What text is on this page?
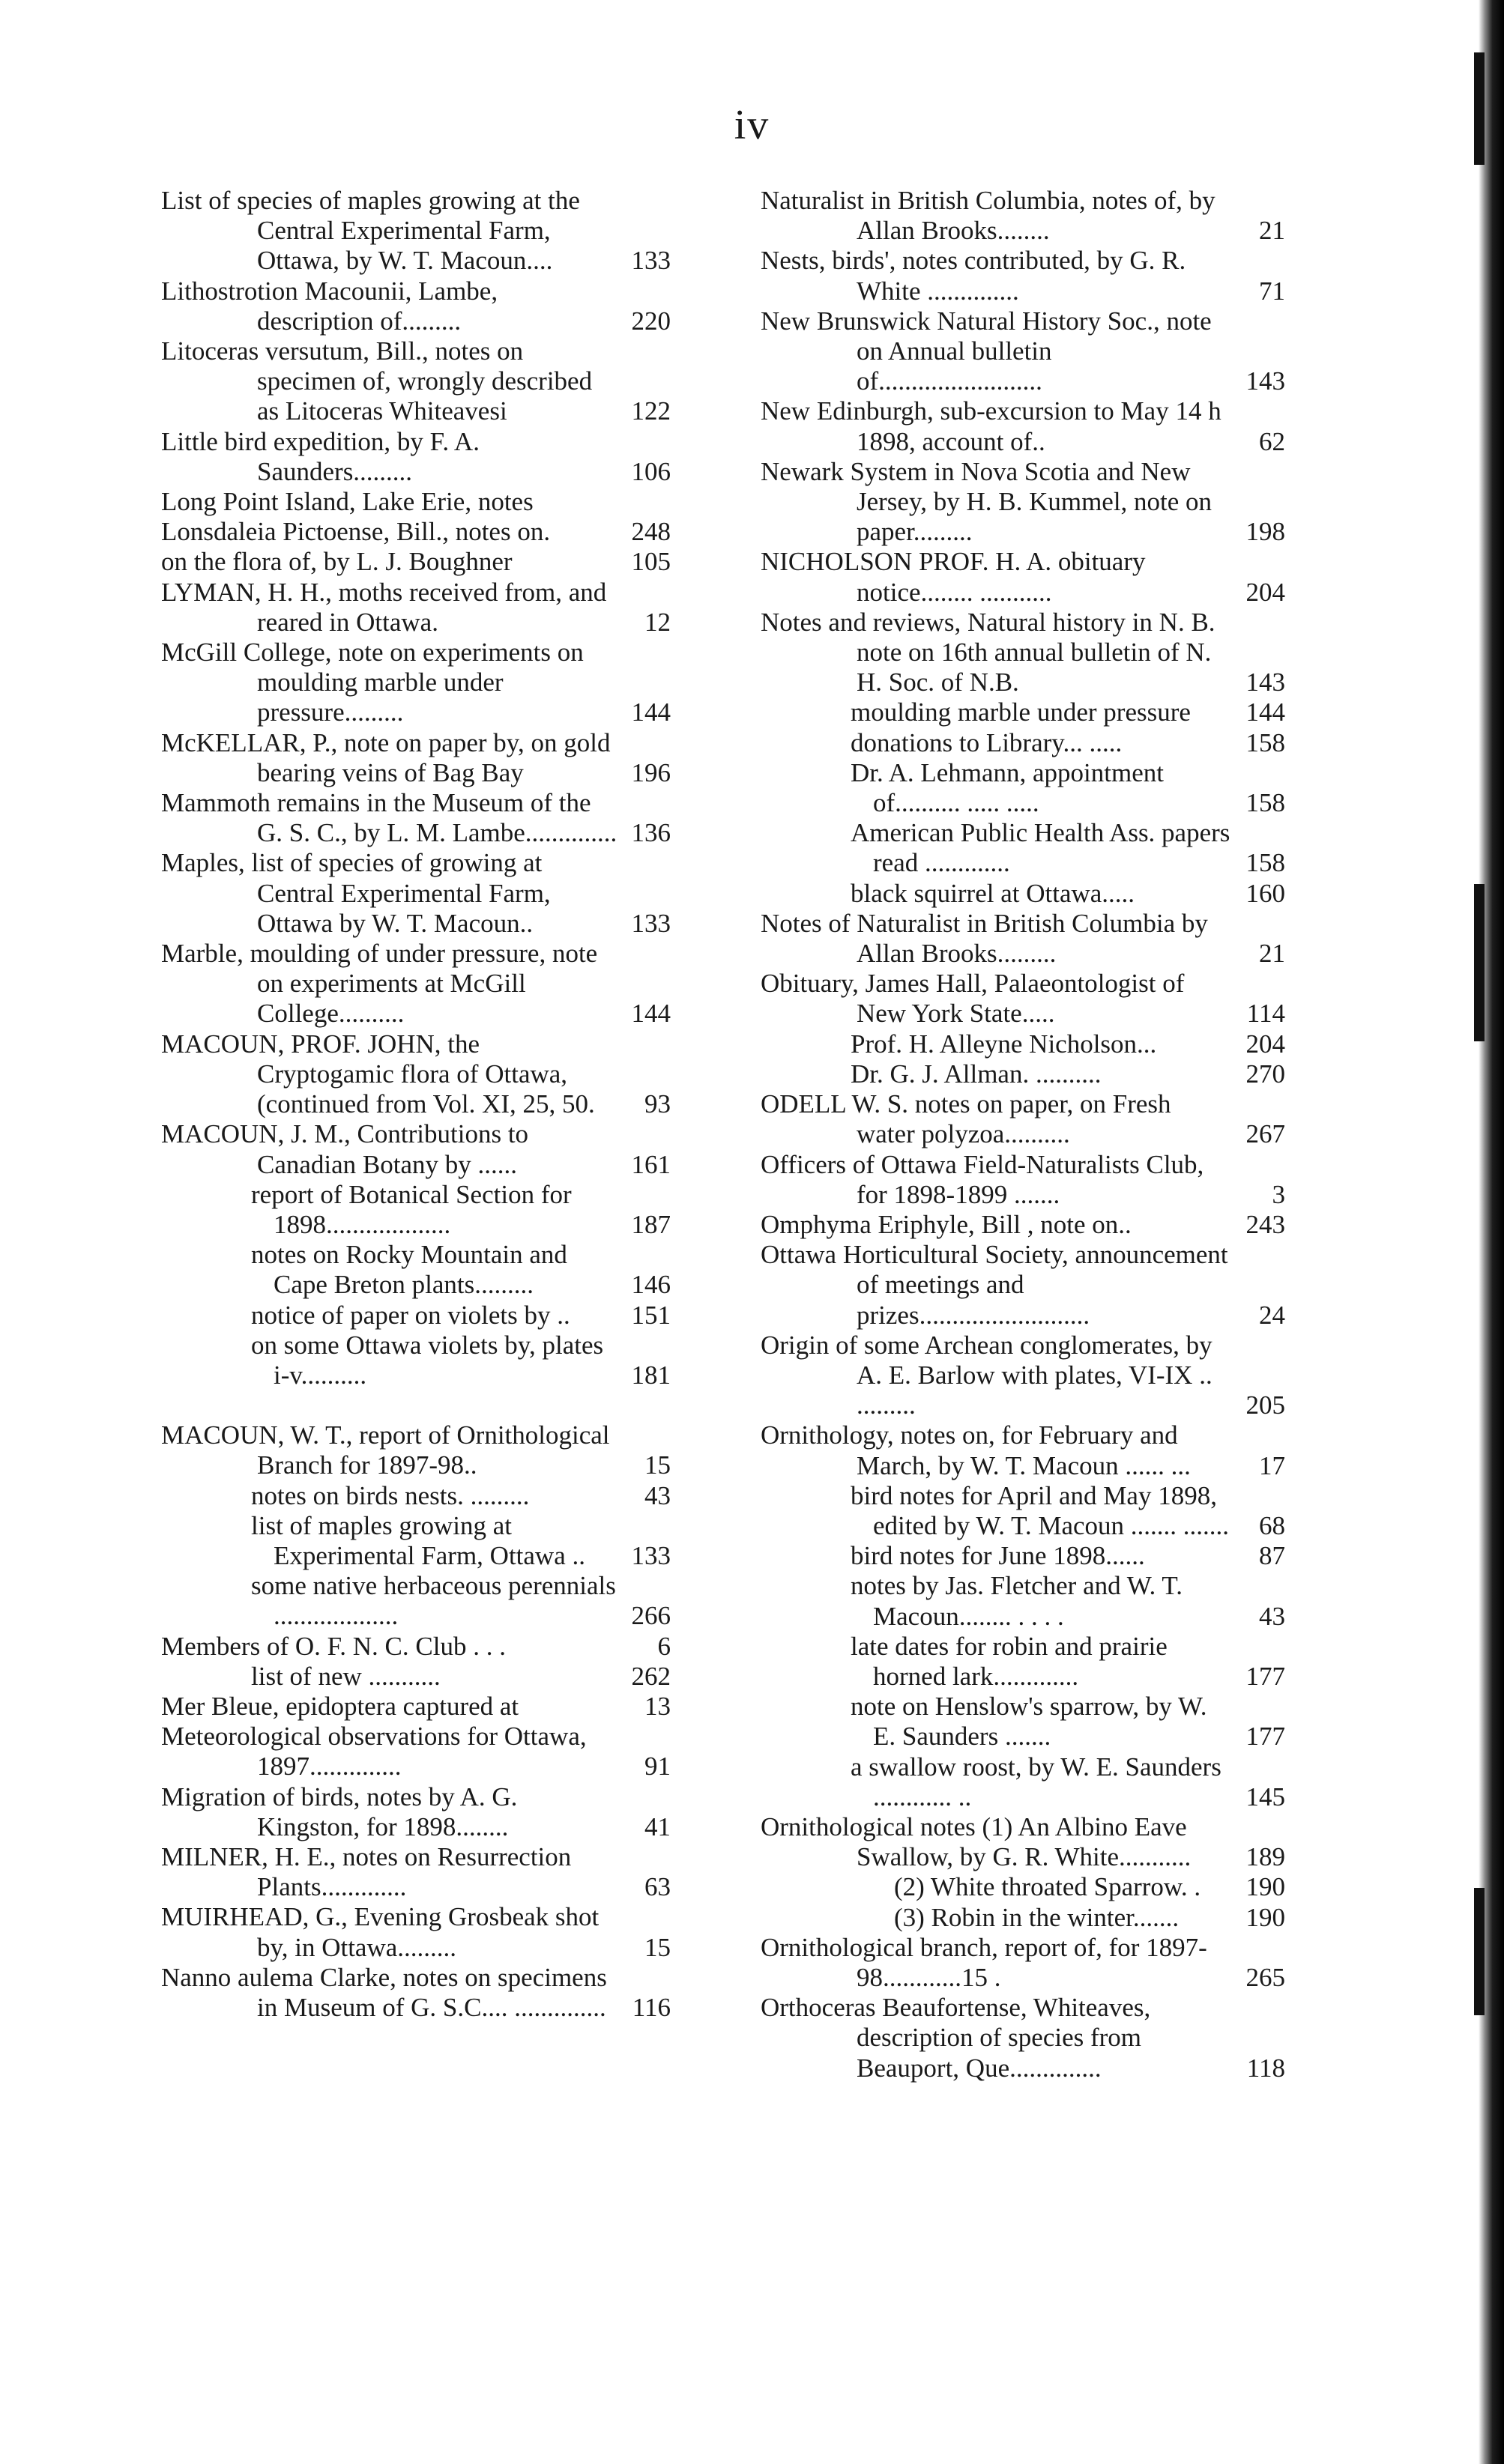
iv
List of species of maples growing at the Central Experimental Farm, Ottawa, by W. T. Macoun....	133
Lithostrotion Macounii, Lambe, description of.........	220
Litoceras versutum, Bill., notes on specimen of, wrongly described as Litoceras Whiteavesi	122
Little bird expedition, by F. A. Saunders.........	106
Long Point Island, Lake Erie, notes
Lonsdaleia Pictoense, Bill., notes on.	248
on the flora of, by L. J. Boughner	105
LYMAN, H. H., moths received from, and reared in Ottawa.	12
McGill College, note on experiments on moulding marble under pressure.........	144
McKELLAR, P., note on paper by, on gold bearing veins of Bag Bay	196
Mammoth remains in the Museum of the G. S. C., by L. M. Lambe.............. 136
Maples, list of species of growing at Central Experimental Farm, Ottawa by W. T. Macoun..	133
Marble, moulding of under pressure, note on experiments at McGill College..........	144
MACOUN, PROF. JOHN, the Cryptogamic flora of Ottawa, (continued from Vol. XI, 25, 50.	93
MACOUN, J. M., Contributions to Canadian Botany by ......	161
report of Botanical Section for 1898...................	187
notes on Rocky Mountain and Cape Breton plants.........	146
notice of paper on violets by ..	151
on some Ottawa violets by, plates i-v..........	181
MACOUN, W. T., report of Ornithological Branch for 1897-98..	15
notes on birds nests. .........	43
list of maples growing at Experimental Farm, Ottawa ..	133
some native herbaceous perennials ...................	266
Members of O. F. N. C. Club . . .	6
list of new ...........	262
Mer Bleue, epidoptera captured at	13
Meteorological observations for Ottawa, 1897..............	91
Migration of birds, notes by A. G. Kingston, for 1898........	41
MILNER, H. E., notes on Resurrection Plants.............	63
MUIRHEAD, G., Evening Grosbeak shot by, in Ottawa.........	15
Nanno aulema Clarke, notes on specimens in Museum of G. S.C.... ..............	116
Naturalist in British Columbia, notes of, by Allan Brooks........	21
Nests, birds', notes contributed, by G. R. White ..............	71
New Brunswick Natural History Soc., note on Annual bulletin of.........................	143
New Edinburgh, sub-excursion to May 14 h 1898, account of..	62
Newark System in Nova Scotia and New Jersey, by H. B. Kummel, note on paper.........	198
NICHOLSON PROF. H. A. obituary notice........ ...........	204
Notes and reviews, Natural history in N. B. note on 16th annual bulletin of N. H. Soc. of N.B.	143
moulding marble under pressure	144
donations to Library... .....	158
Dr. A. Lehmann, appointment of.......... ..... .....	158
American Public Health Ass. papers read .............	158
black squirrel at Ottawa.....	160
Notes of Naturalist in British Columbia by Allan Brooks.........	21
Obituary, James Hall, Palaeontologist of New York State.....	114
Prof. H. Alleyne Nicholson...	204
Dr. G. J. Allman. ..........	270
ODELL W. S. notes on paper, on Fresh water polyzoa..........	267
Officers of Ottawa Field-Naturalists Club, for 1898-1899 .......	3
Omphyma Eriphyle, Bill , note on..	243
Ottawa Horticultural Society, announcement of meetings and prizes..........................	24
Origin of some Archean conglomerates, by A. E. Barlow with plates, VI-IX .. .........	205
Ornithology, notes on, for February and March, by W. T. Macoun ...... ...	17
bird notes for April and May 1898, edited by W. T. Macoun ....... .......	68
bird notes for June 1898......	87
notes by Jas. Fletcher and W. T. Macoun........ . . . .	43
late dates for robin and prairie horned lark.............	177
note on Henslow's sparrow, by W. E. Saunders .......	177
a swallow roost, by W. E. Saunders ............ ..	145
Ornithological notes (1) An Albino Eave Swallow, by G. R. White...........	189
(2) White throated Sparrow. .	190
(3) Robin in the winter.......	190
Ornithological branch, report of, for 1897-98............15 .	265
Orthoceras Beaufortense, Whiteaves, description of species from Beauport, Que..............	118
